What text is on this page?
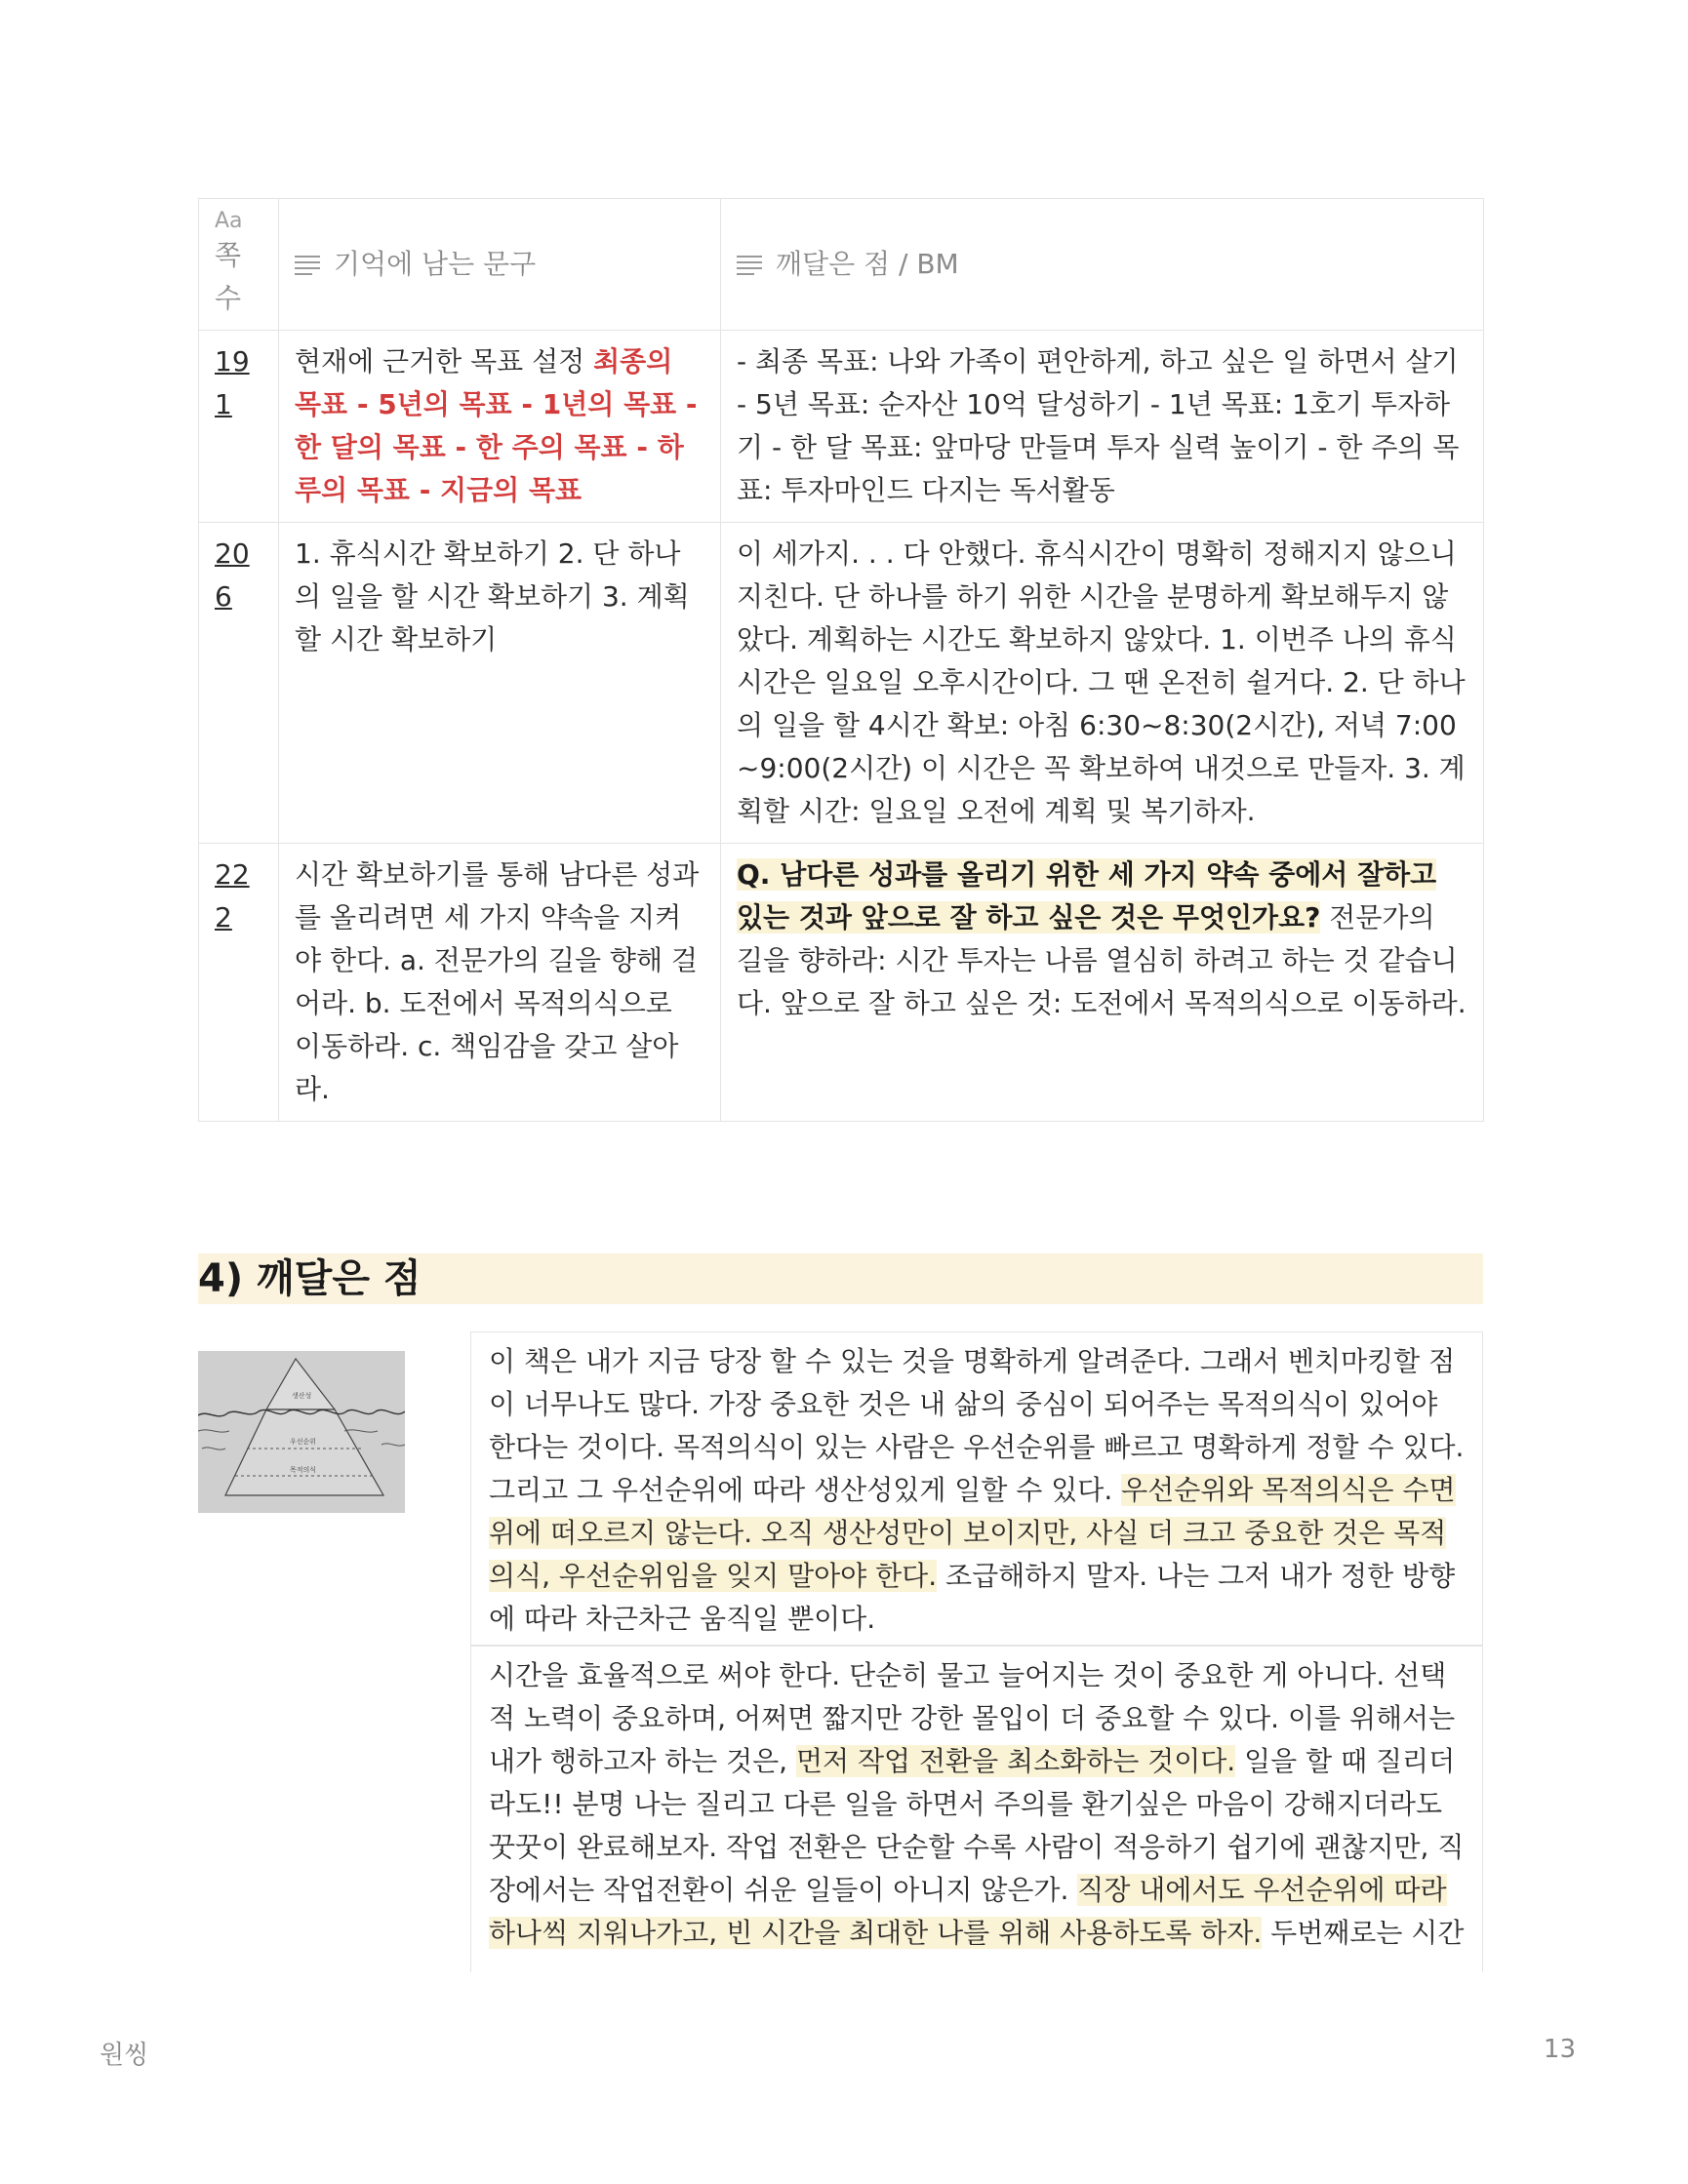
Aa
쪽수	기억에 남는 문구	깨달은 점 / BM

191	현재에 근거한 목표 설정 최종의 목표 - 5년의 목표 - 1년의 목표 - 한 달의 목표 - 한 주의 목표 - 하루의 목표 - 지금의 목표	- 최종 목표: 나와 가족이 편안하게, 하고 싶은 일 하면서 살기 - 5년 목표: 순자산 10억 달성하기 - 1년 목표: 1호기 투자하기 - 한 달 목표: 앞마당 만들며 투자 실력 높이기 - 한 주의 목표: 투자마인드 다지는 독서활동
206	1. 휴식시간 확보하기 2. 단 하나의 일을 할 시간 확보하기 3. 계획할 시간 확보하기	이 세가지. . . 다 안했다. 휴식시간이 명확히 정해지지 않으니 지친다. 단 하나를 하기 위한 시간을 분명하게 확보해두지 않았다. 계획하는 시간도 확보하지 않았다. 1. 이번주 나의 휴식시간은 일요일 오후시간이다. 그 땐 온전히 쉴거다. 2. 단 하나의 일을 할 4시간 확보: 아침 6:30~8:30(2시간), 저녁 7:00~9:00(2시간) 이 시간은 꼭 확보하여 내것으로 만들자. 3. 계획할 시간: 일요일 오전에 계획 및 복기하자.
222	시간 확보하기를 통해 남다른 성과를 올리려면 세 가지 약속을 지켜야 한다. a. 전문가의 길을 향해 걸어라. b. 도전에서 목적의식으로 이동하라. c. 책임감을 갖고 살아라.	Q. 남다른 성과를 올리기 위한 세 가지 약속 중에서 잘하고 있는 것과 앞으로 잘 하고 싶은 것은 무엇인가요? 전문가의 길을 향하라: 시간 투자는 나름 열심히 하려고 하는 것 같습니다. 앞으로 잘 하고 싶은 것: 도전에서 목적의식으로 이동하라.
4) 깨달은 점
생산성
우선순위
목적의식
이 책은 내가 지금 당장 할 수 있는 것을 명확하게 알려준다. 그래서 벤치마킹할 점이 너무나도 많다. 가장 중요한 것은 내 삶의 중심이 되어주는 목적의식이 있어야 한다는 것이다. 목적의식이 있는 사람은 우선순위를 빠르고 명확하게 정할 수 있다. 그리고 그 우선순위에 따라 생산성있게 일할 수 있다. 우선순위와 목적의식은 수면위에 떠오르지 않는다. 오직 생산성만이 보이지만, 사실 더 크고 중요한 것은 목적의식, 우선순위임을 잊지 말아야 한다. 조급해하지 말자. 나는 그저 내가 정한 방향에 따라 차근차근 움직일 뿐이다.
시간을 효율적으로 써야 한다. 단순히 물고 늘어지는 것이 중요한 게 아니다. 선택적 노력이 중요하며, 어쩌면 짧지만 강한 몰입이 더 중요할 수 있다. 이를 위해서는 내가 행하고자 하는 것은, 먼저 작업 전환을 최소화하는 것이다. 일을 할 때 질리더라도!! 분명 나는 질리고 다른 일을 하면서 주의를 환기싶은 마음이 강해지더라도 꿋꿋이 완료해보자. 작업 전환은 단순할 수록 사람이 적응하기 쉽기에 괜찮지만, 직장에서는 작업전환이 쉬운 일들이 아니지 않은가. 직장 내에서도 우선순위에 따라 하나씩 지워나가고, 빈 시간을 최대한 나를 위해 사용하도록 하자. 두번째로는 시간
원씽	13
